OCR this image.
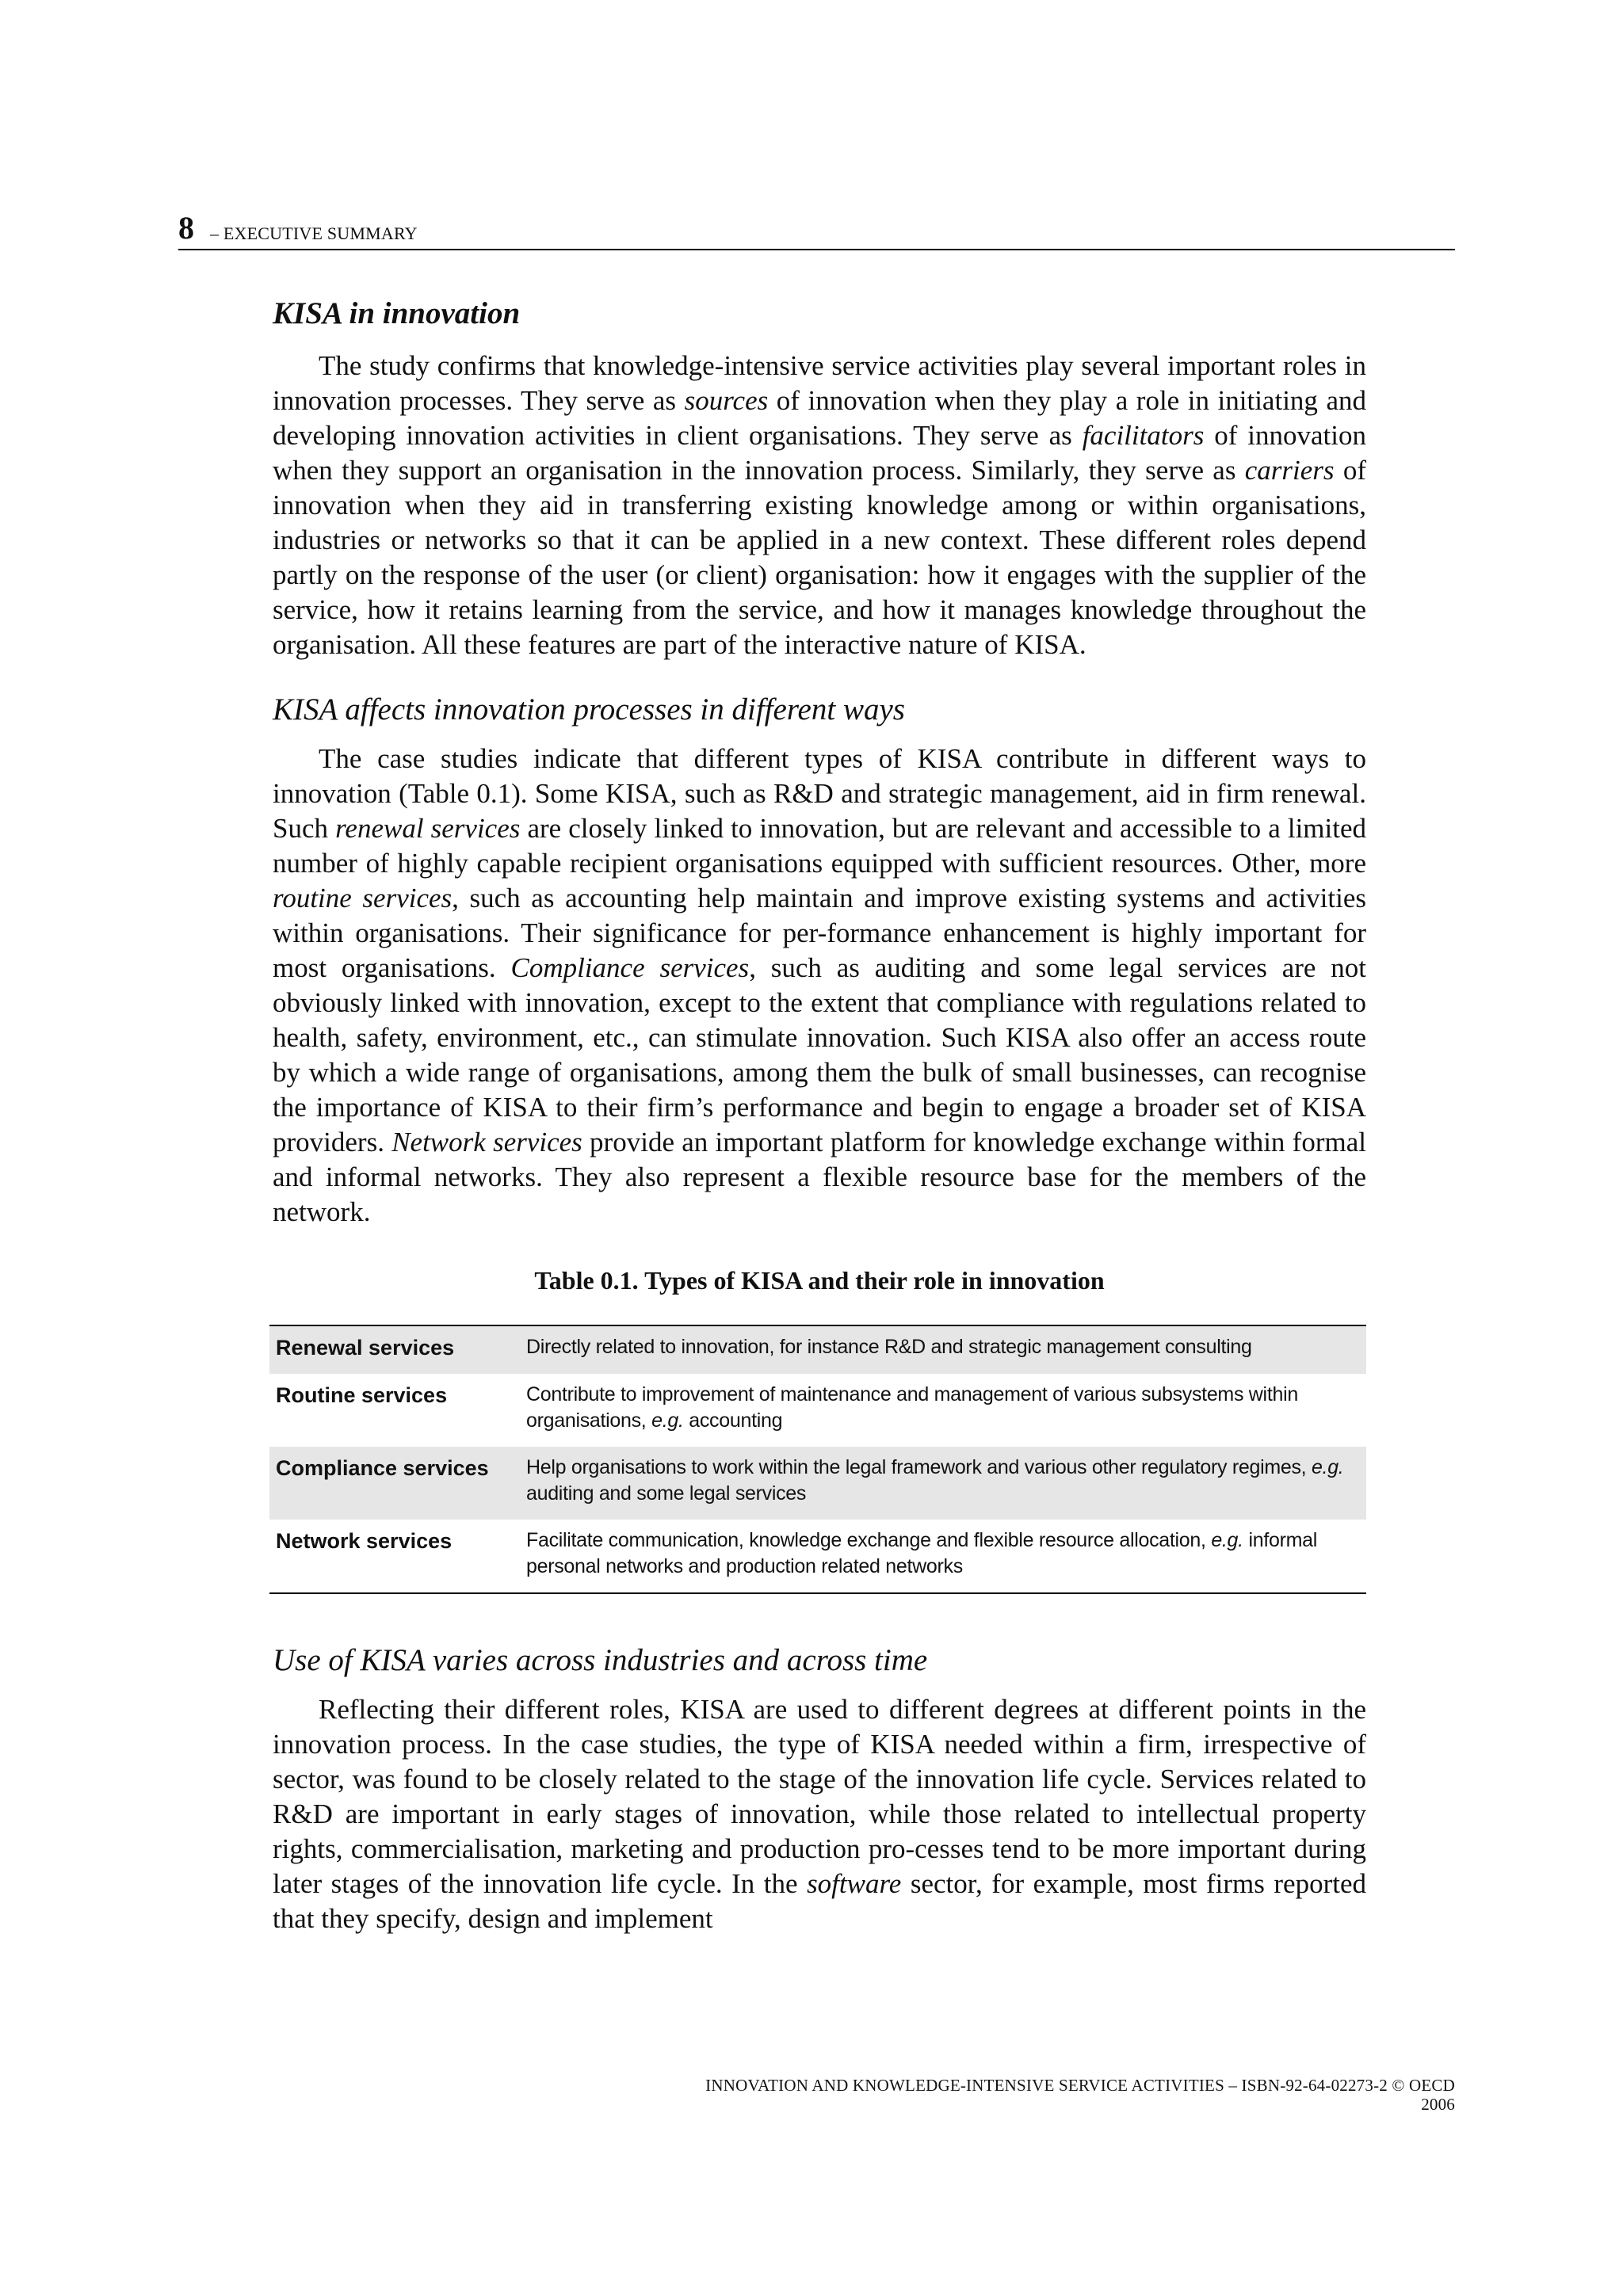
8 – EXECUTIVE SUMMARY
KISA in innovation

The study confirms that knowledge-intensive service activities play several important roles in innovation processes. They serve as sources of innovation when they play a role in initiating and developing innovation activities in client organisations. They serve as facilitators of innovation when they support an organisation in the innovation process. Similarly, they serve as carriers of innovation when they aid in transferring existing knowledge among or within organisations, industries or networks so that it can be applied in a new context. These different roles depend partly on the response of the user (or client) organisation: how it engages with the supplier of the service, how it retains learning from the service, and how it manages knowledge throughout the organisation. All these features are part of the interactive nature of KISA.

KISA affects innovation processes in different ways

The case studies indicate that different types of KISA contribute in different ways to innovation (Table 0.1). Some KISA, such as R&D and strategic management, aid in firm renewal. Such renewal services are closely linked to innovation, but are relevant and accessible to a limited number of highly capable recipient organisations equipped with sufficient resources. Other, more routine services, such as accounting help maintain and improve existing systems and activities within organisations. Their significance for per-formance enhancement is highly important for most organisations. Compliance services, such as auditing and some legal services are not obviously linked with innovation, except to the extent that compliance with regulations related to health, safety, environment, etc., can stimulate innovation. Such KISA also offer an access route by which a wide range of organisations, among them the bulk of small businesses, can recognise the importance of KISA to their firm’s performance and begin to engage a broader set of KISA providers. Network services provide an important platform for knowledge exchange within formal and informal networks. They also represent a flexible resource base for the members of the network.

Table 0.1. Types of KISA and their role in innovation
Renewal services	Directly related to innovation, for instance R&D and strategic management consulting
Routine services	Contribute to improvement of maintenance and management of various subsystems within organisations, e.g. accounting
Compliance services	Help organisations to work within the legal framework and various other regulatory regimes, e.g. auditing and some legal services
Network services	Facilitate communication, knowledge exchange and flexible resource allocation, e.g. informal personal networks and production related networks
Use of KISA varies across industries and across time

Reflecting their different roles, KISA are used to different degrees at different points in the innovation process. In the case studies, the type of KISA needed within a firm, irrespective of sector, was found to be closely related to the stage of the innovation life cycle. Services related to R&D are important in early stages of innovation, while those related to intellectual property rights, commercialisation, marketing and production pro-cesses tend to be more important during later stages of the innovation life cycle. In the software sector, for example, most firms reported that they specify, design and implement

INNOVATION AND KNOWLEDGE-INTENSIVE SERVICE ACTIVITIES – ISBN-92-64-02273-2 © OECD 2006
